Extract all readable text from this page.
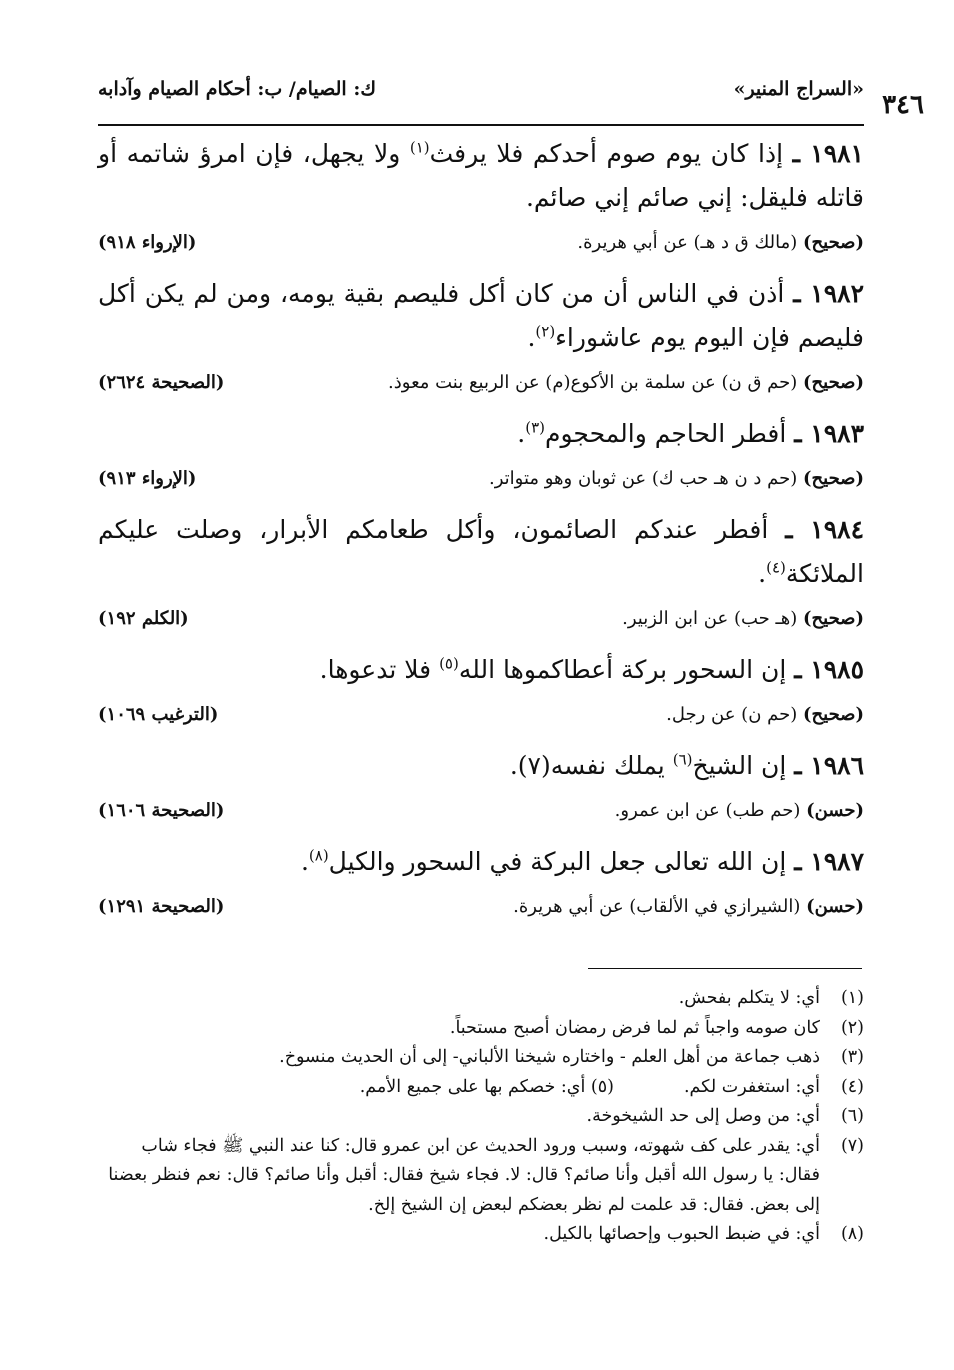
«السراج المنير»
ك: الصيام/ ب: أحكام الصيام وآدابه
٣٤٦
١٩٨١ ـ إذا كان يوم صوم أحدكم فلا يرفث$^{(١)}$ ولا يجهل، فإن امرؤ شاتمه أو قاتله فليقل: إني صائم إني صائم.
(صحيح) (مالك ق د هـ) عن أبي هريرة.
(الإرواء ٩١٨)
١٩٨٢ ـ أذن في الناس أن من كان أكل فليصم بقية يومه، ومن لم يكن أكل فليصم فإن اليوم يوم عاشوراء$^{(٢)}$.
(صحيح) (حم ق ن) عن سلمة بن الأكوع(م) عن الربيع بنت معوذ.
(الصحيحة ٢٦٢٤)
١٩٨٣ ـ أفطر الحاجم والمحجوم$^{(٣)}$.
(صحيح) (حم د ن هـ حب ك) عن ثوبان وهو متواتر.
(الإرواء ٩١٣)
١٩٨٤ ـ أفطر عندكم الصائمون، وأكل طعامكم الأبرار، وصلت عليكم الملائكة$^{(٤)}$.
(صحيح) (هـ حب) عن ابن الزبير.
(الكلم ١٩٢)
١٩٨٥ ـ إن السحور بركة أعطاكموها الله$^{(٥)}$ فلا تدعوها.
(صحيح) (حم ن) عن رجل.
(الترغيب ١٠٦٩)
١٩٨٦ ـ إن الشيخ$^{(٦)}$ يملك نفسه(٧).
(حسن) (حم طب) عن ابن عمرو.
(الصحيحة ١٦٠٦)
١٩٨٧ ـ إن الله تعالى جعل البركة في السحور والكيل$^{(٨)}$.
(حسن) (الشيرازي في الألقاب) عن أبي هريرة.
(الصحيحة ١٢٩١)
(١)
أي: لا يتكلم بفحش.
(٢)
كان صومه واجباً ثم لما فرض رمضان أصبح مستحباً.
(٣)
ذهب جماعة من أهل العلم - واختاره شيخنا الألباني- إلى أن الحديث منسوخ.
(٤)
أي: استغفرت لكم.(٥) أي: خصكم بها على جميع الأمم.
(٦)
أي: من وصل إلى حد الشيخوخة.
(٧)
أي: يقدر على كف شهوته، وسبب ورود الحديث عن ابن عمرو قال: كنا عند النبي ﷺ فجاء شاب فقال: يا رسول الله أقبل وأنا صائم؟ قال: لا. فجاء شيخ فقال: أقبل وأنا صائم؟ قال: نعم فنظر بعضنا إلى بعض. فقال: قد علمت لم نظر بعضكم لبعض إن الشيخ إلخ.
(٨)
أي: في ضبط الحبوب وإحصائها بالكيل.
